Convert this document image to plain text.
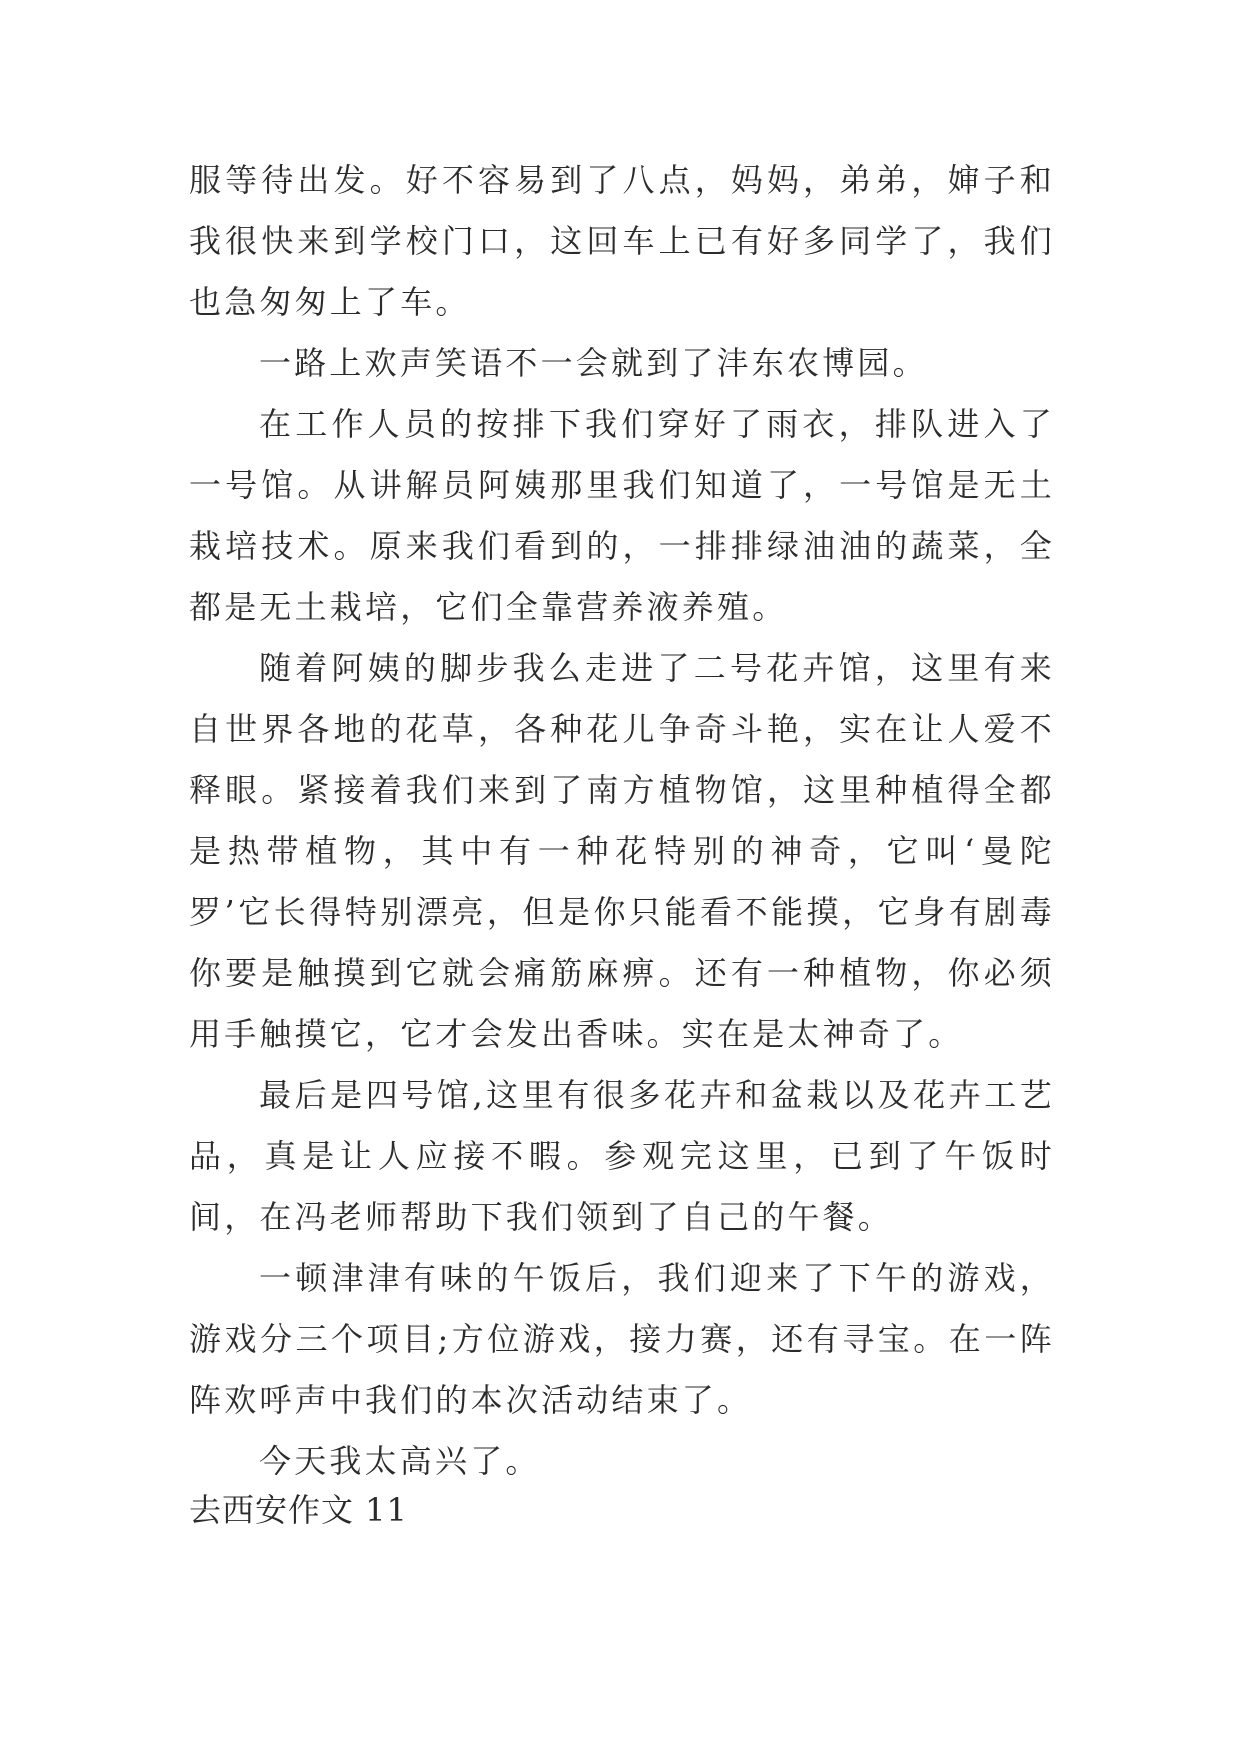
服等待出发。好不容易到了八点，妈妈，弟弟，婶子和我很快来到学校门口，这回车上已有好多同学了，我们也急匆匆上了车。

一路上欢声笑语不一会就到了沣东农博园。

在工作人员的按排下我们穿好了雨衣，排队进入了一号馆。从讲解员阿姨那里我们知道了，一号馆是无土栽培技术。原来我们看到的，一排排绿油油的蔬菜，全都是无土栽培，它们全靠营养液养殖。

随着阿姨的脚步我么走进了二号花卉馆，这里有来自世界各地的花草，各种花儿争奇斗艳，实在让人爱不释眼。紧接着我们来到了南方植物馆，这里种植得全都是热带植物，其中有一种花特别的神奇，它叫‘曼陀罗’它长得特别漂亮，但是你只能看不能摸，它身有剧毒你要是触摸到它就会痛筋麻痹。还有一种植物，你必须用手触摸它，它才会发出香味。实在是太神奇了。

最后是四号馆,这里有很多花卉和盆栽以及花卉工艺品，真是让人应接不暇。参观完这里，已到了午饭时间，在冯老师帮助下我们领到了自己的午餐。

一顿津津有味的午饭后，我们迎来了下午的游戏，游戏分三个项目;方位游戏，接力赛，还有寻宝。在一阵阵欢呼声中我们的本次活动结束了。

今天我太高兴了。

去西安作文 11
